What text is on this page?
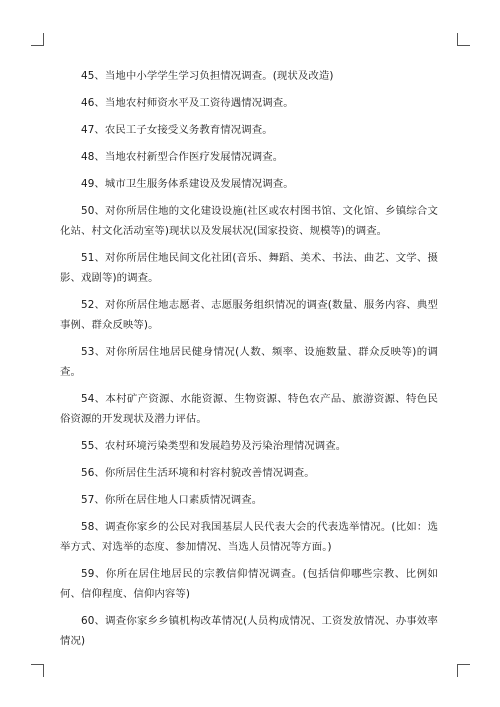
45、当地中小学学生学习负担情况调查。(现状及改造)

46、当地农村师资水平及工资待遇情况调查。

47、农民工子女接受义务教育情况调查。

48、当地农村新型合作医疗发展情况调查。

49、城市卫生服务体系建设及发展情况调查。

50、对你所居住地的文化建设设施(社区或农村图书馆、文化馆、乡镇综合文化站、村文化活动室等)现状以及发展状况(国家投资、规模等)的调查。

51、对你所居住地民间文化社团(音乐、舞蹈、美术、书法、曲艺、文学、摄影、戏剧等)的调查。

52、对你所居住地志愿者、志愿服务组织情况的调查(数量、服务内容、典型事例、群众反映等)。

53、对你所居住地居民健身情况(人数、频率、设施数量、群众反映等)的调查。

54、本村矿产资源、水能资源、生物资源、特色农产品、旅游资源、特色民俗资源的开发现状及潜力评估。

55、农村环境污染类型和发展趋势及污染治理情况调查。

56、你所居住生活环境和村容村貌改善情况调查。

57、你所在居住地人口素质情况调查。

58、调查你家乡的公民对我国基层人民代表大会的代表选举情况。(比如：选举方式、对选举的态度、参加情况、当选人员情况等方面。)

59、你所在居住地居民的宗教信仰情况调查。(包括信仰哪些宗教、比例如何、信仰程度、信仰内容等)

60、调查你家乡乡镇机构改革情况(人员构成情况、工资发放情况、办事效率情况)
